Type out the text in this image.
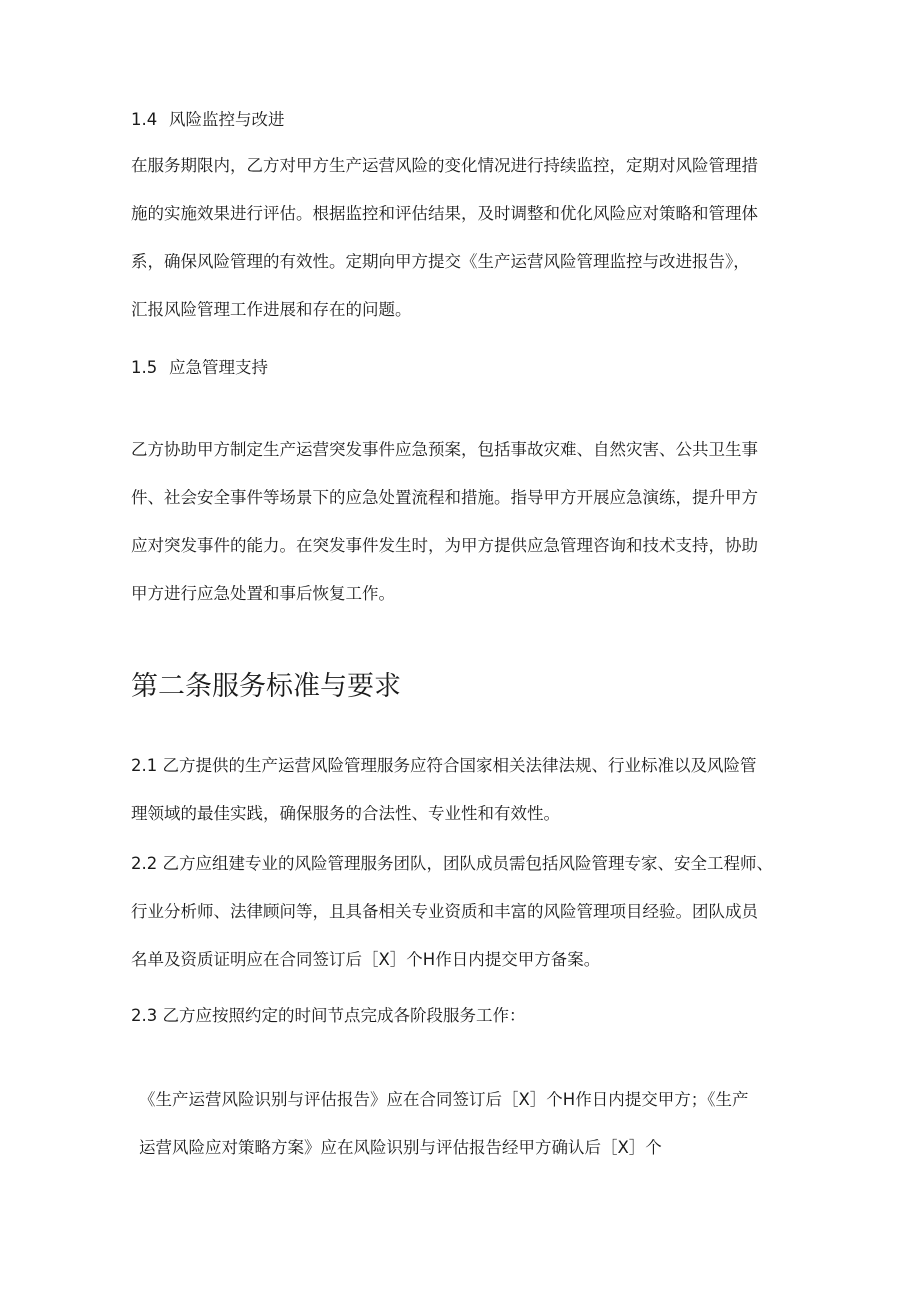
1.4 风险监控与改进
在服务期限内，乙方对甲方生产运营风险的变化情况进行持续监控，定期对风险管理措
施的实施效果进行评估。根据监控和评估结果，及时调整和优化风险应对策略和管理体
系，确保风险管理的有效性。定期向甲方提交《生产运营风险管理监控与改进报告》，
汇报风险管理工作进展和存在的问题。
1.5 应急管理支持
乙方协助甲方制定生产运营突发事件应急预案，包括事故灾难、自然灾害、公共卫生事
件、社会安全事件等场景下的应急处置流程和措施。指导甲方开展应急演练，提升甲方
应对突发事件的能力。在突发事件发生时，为甲方提供应急管理咨询和技术支持，协助
甲方进行应急处置和事后恢复工作。
第二条服务标准与要求
2.1 乙方提供的生产运营风险管理服务应符合国家相关法律法规、行业标准以及风险管
理领域的最佳实践，确保服务的合法性、专业性和有效性。
2.2 乙方应组建专业的风险管理服务团队，团队成员需包括风险管理专家、安全工程师、
行业分析师、法律顾问等，且具备相关专业资质和丰富的风险管理项目经验。团队成员
名单及资质证明应在合同签订后［X］个H作日内提交甲方备案。
2.3 乙方应按照约定的时间节点完成各阶段服务工作：
《生产运营风险识别与评估报告》应在合同签订后［X］个H作日内提交甲方；《生产
运营风险应对策略方案》应在风险识别与评估报告经甲方确认后［X］个
